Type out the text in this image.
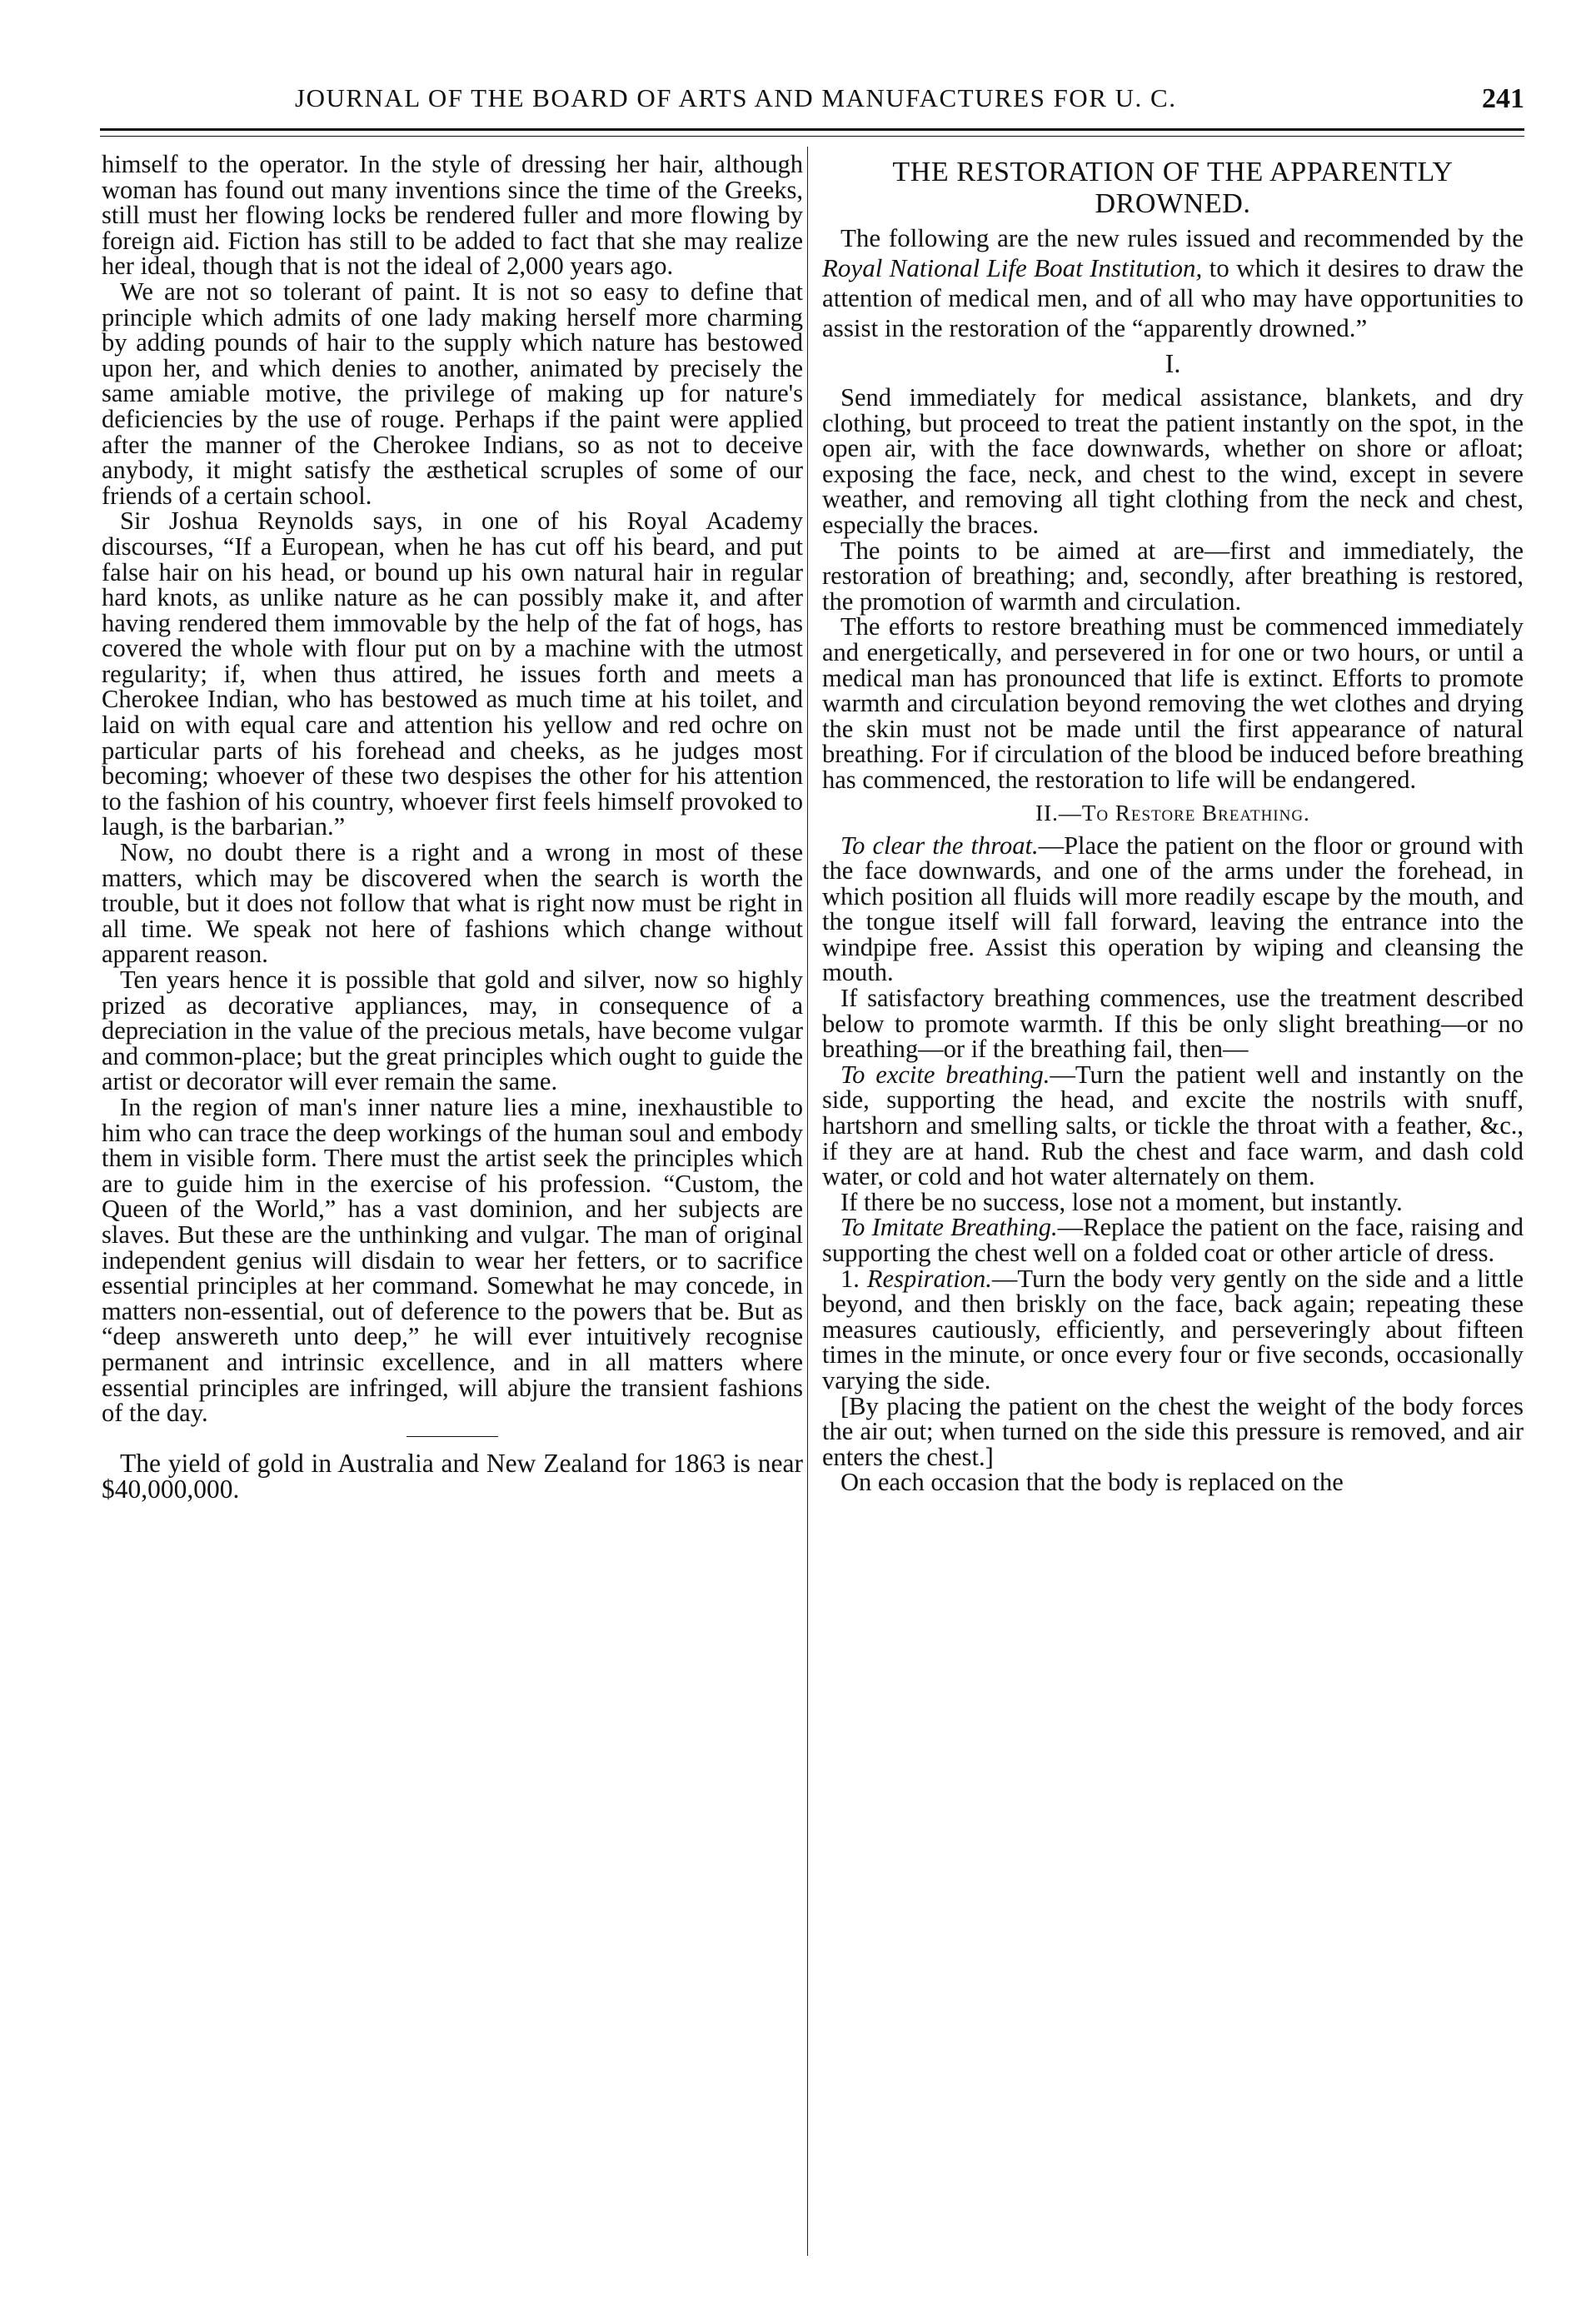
JOURNAL OF THE BOARD OF ARTS AND MANUFACTURES FOR U. C.	241

himself to the operator. In the style of dressing her hair, although woman has found out many inventions since the time of the Greeks, still must her flowing locks be rendered fuller and more flowing by foreign aid. Fiction has still to be added to fact that she may realize her ideal, though that is not the ideal of 2,000 years ago.

We are not so tolerant of paint. It is not so easy to define that principle which admits of one lady making herself more charming by adding pounds of hair to the supply which nature has bestowed upon her, and which denies to another, animated by precisely the same amiable motive, the privilege of making up for nature's deficiencies by the use of rouge. Perhaps if the paint were applied after the manner of the Cherokee Indians, so as not to deceive anybody, it might satisfy the æsthetical scruples of some of our friends of a certain school.

Sir Joshua Reynolds says, in one of his Royal Academy discourses, “If a European, when he has cut off his beard, and put false hair on his head, or bound up his own natural hair in regular hard knots, as unlike nature as he can possibly make it, and after having rendered them immovable by the help of the fat of hogs, has covered the whole with flour put on by a machine with the utmost regularity; if, when thus attired, he issues forth and meets a Cherokee Indian, who has bestowed as much time at his toilet, and laid on with equal care and attention his yellow and red ochre on particular parts of his forehead and cheeks, as he judges most becoming; whoever of these two despises the other for his attention to the fashion of his country, whoever first feels himself provoked to laugh, is the barbarian.”

Now, no doubt there is a right and a wrong in most of these matters, which may be discovered when the search is worth the trouble, but it does not follow that what is right now must be right in all time. We speak not here of fashions which change without apparent reason.

Ten years hence it is possible that gold and silver, now so highly prized as decorative appliances, may, in consequence of a depreciation in the value of the precious metals, have become vulgar and common-place; but the great principles which ought to guide the artist or decorator will ever remain the same.

In the region of man's inner nature lies a mine, inexhaustible to him who can trace the deep workings of the human soul and embody them in visible form. There must the artist seek the principles which are to guide him in the exercise of his profession. “Custom, the Queen of the World,” has a vast dominion, and her subjects are slaves. But these are the unthinking and vulgar. The man of original independent genius will disdain to wear her fetters, or to sacrifice essential principles at her command. Somewhat he may concede, in matters non-essential, out of deference to the powers that be. But as “deep answereth unto deep,” he will ever intuitively recognise permanent and intrinsic excellence, and in all matters where essential principles are infringed, will abjure the transient fashions of the day.

The yield of gold in Australia and New Zealand for 1863 is near $40,000,000.

THE RESTORATION OF THE APPARENTLY DROWNED.

The following are the new rules issued and recommended by the Royal National Life Boat Institution, to which it desires to draw the attention of medical men, and of all who may have opportunities to assist in the restoration of the “apparently drowned.”

I.

Send immediately for medical assistance, blankets, and dry clothing, but proceed to treat the patient instantly on the spot, in the open air, with the face downwards, whether on shore or afloat; exposing the face, neck, and chest to the wind, except in severe weather, and removing all tight clothing from the neck and chest, especially the braces.

The points to be aimed at are—first and immediately, the restoration of breathing; and, secondly, after breathing is restored, the promotion of warmth and circulation.

The efforts to restore breathing must be commenced immediately and energetically, and persevered in for one or two hours, or until a medical man has pronounced that life is extinct. Efforts to promote warmth and circulation beyond removing the wet clothes and drying the skin must not be made until the first appearance of natural breathing. For if circulation of the blood be induced before breathing has commenced, the restoration to life will be endangered.

II.—To Restore Breathing.

To clear the throat.—Place the patient on the floor or ground with the face downwards, and one of the arms under the forehead, in which position all fluids will more readily escape by the mouth, and the tongue itself will fall forward, leaving the entrance into the windpipe free. Assist this operation by wiping and cleansing the mouth.

If satisfactory breathing commences, use the treatment described below to promote warmth. If this be only slight breathing—or no breathing—or if the breathing fail, then—

To excite breathing.—Turn the patient well and instantly on the side, supporting the head, and excite the nostrils with snuff, hartshorn and smelling salts, or tickle the throat with a feather, &c., if they are at hand. Rub the chest and face warm, and dash cold water, or cold and hot water alternately on them.

If there be no success, lose not a moment, but instantly.

To Imitate Breathing.—Replace the patient on the face, raising and supporting the chest well on a folded coat or other article of dress.

1. Respiration.—Turn the body very gently on the side and a little beyond, and then briskly on the face, back again; repeating these measures cautiously, efficiently, and perseveringly about fifteen times in the minute, or once every four or five seconds, occasionally varying the side.

[By placing the patient on the chest the weight of the body forces the air out; when turned on the side this pressure is removed, and air enters the chest.]

On each occasion that the body is replaced on the
